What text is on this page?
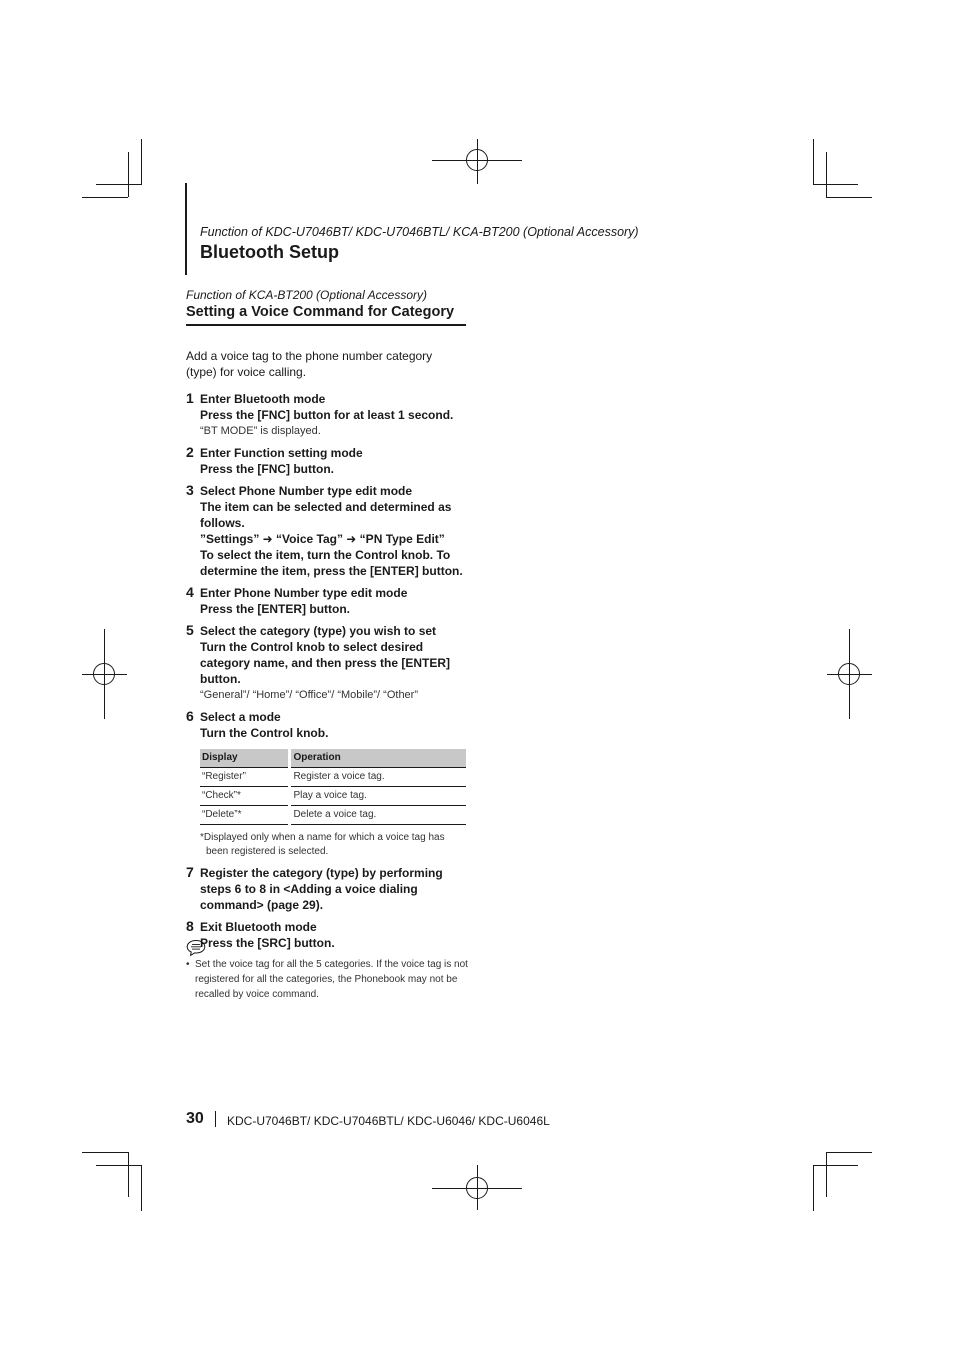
Function of KDC-U7046BT/ KDC-U7046BTL/ KCA-BT200 (Optional Accessory)
Bluetooth Setup
Function of KCA-BT200 (Optional Accessory)
Setting a Voice Command for Category
Add a voice tag to the phone number category (type) for voice calling.
1 Enter Bluetooth mode
Press the [FNC] button for at least 1 second.
“BT MODE” is displayed.
2 Enter Function setting mode
Press the [FNC] button.
3 Select Phone Number type edit mode
The item can be selected and determined as follows.
”Settings” ➜ “Voice Tag” ➜ “PN Type Edit”
To select the item, turn the Control knob. To determine the item, press the [ENTER] button.
4 Enter Phone Number type edit mode
Press the [ENTER] button.
5 Select the category (type) you wish to set
Turn the Control knob to select desired category name, and then press the [ENTER] button.
“General”/ “Home”/ “Office”/ “Mobile”/ “Other”
6 Select a mode
Turn the Control knob.
Display	Operation
“Register”	Register a voice tag.
“Check”*	Play a voice tag.
“Delete”*	Delete a voice tag.
*Displayed only when a name for which a voice tag has been registered is selected.
7 Register the category (type) by performing steps 6 to 8 in <Adding a voice dialing command> (page 29).
8 Exit Bluetooth mode
Press the [SRC] button.
• Set the voice tag for all the 5 categories. If the voice tag is not registered for all the categories, the Phonebook may not be recalled by voice command.
30 KDC-U7046BT/ KDC-U7046BTL/ KDC-U6046/ KDC-U6046L
